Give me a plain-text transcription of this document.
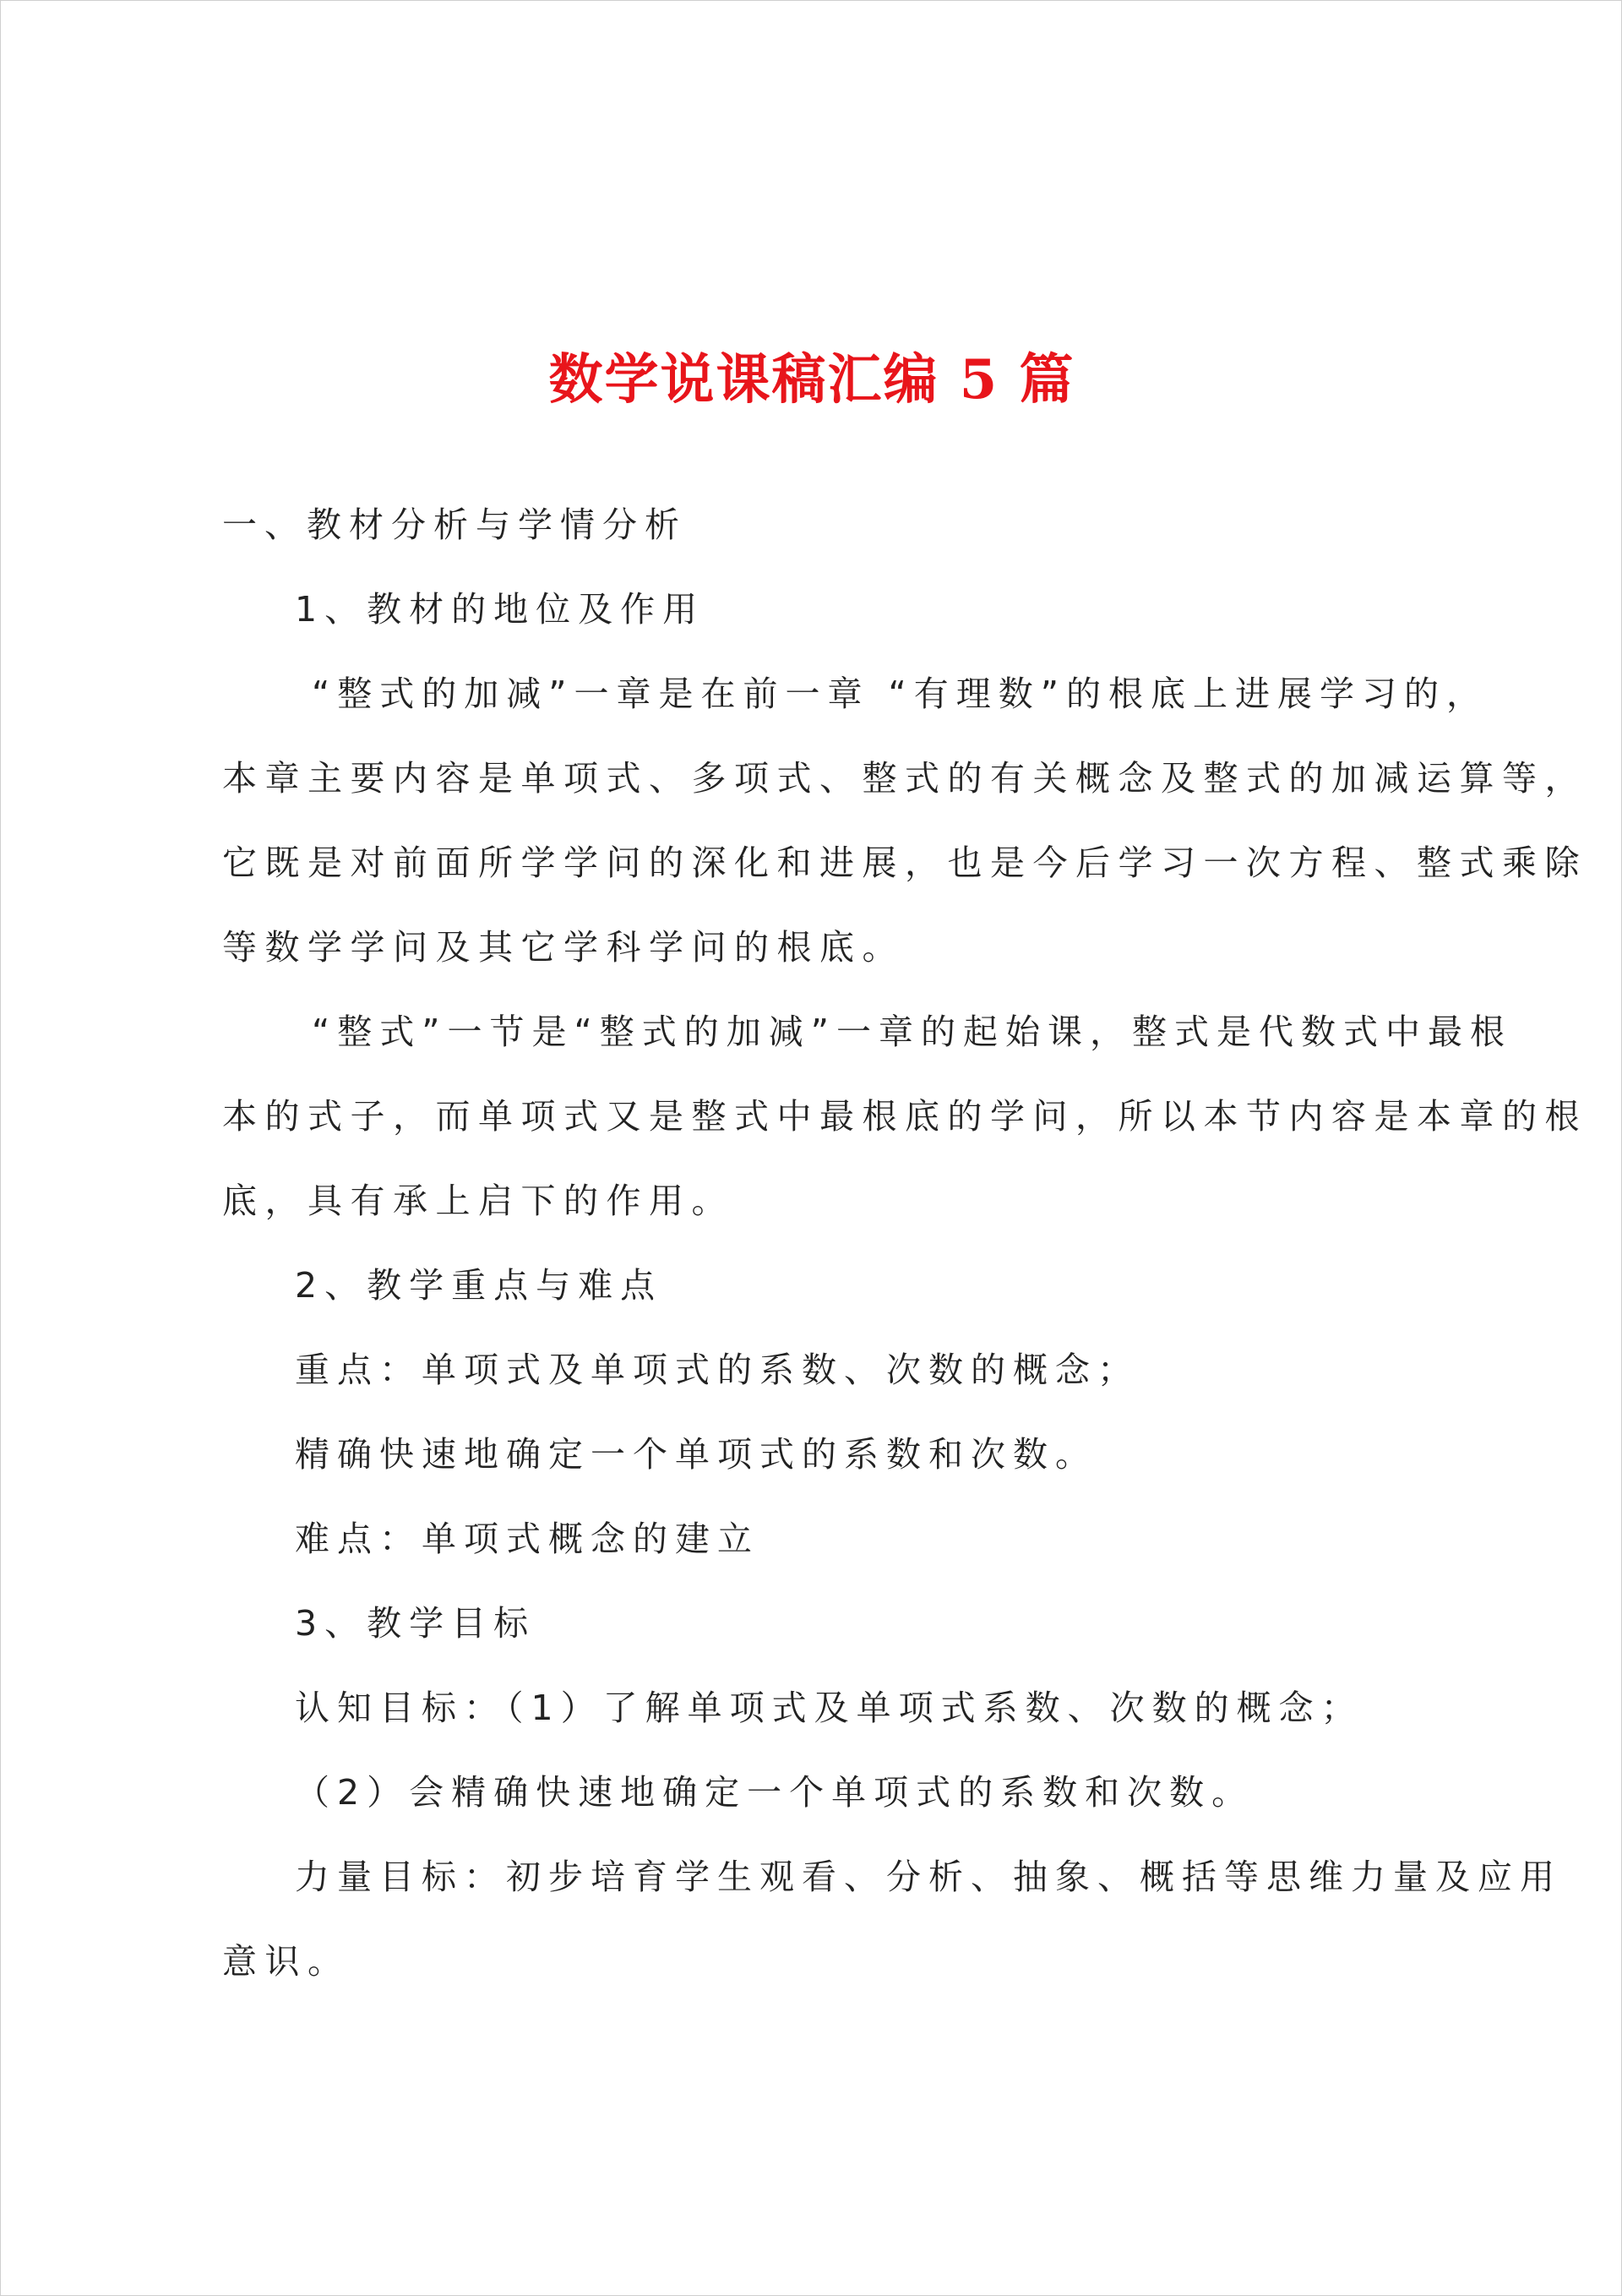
数学说课稿汇编 5 篇

一、教材分析与学情分析

1、教材的地位及作用

“整式的加减”一章是在前一章 “有理数”的根底上进展学习的，

本章主要内容是单项式、多项式、整式的有关概念及整式的加减运算等，

它既是对前面所学学问的深化和进展，也是今后学习一次方程、整式乘除

等数学学问及其它学科学问的根底。

“整式”一节是“整式的加减”一章的起始课，整式是代数式中最根

本的式子，而单项式又是整式中最根底的学问，所以本节内容是本章的根

底，具有承上启下的作用。

2、教学重点与难点

重点：单项式及单项式的系数、次数的概念；

精确快速地确定一个单项式的系数和次数。

难点：单项式概念的建立

3、教学目标

认知目标：（1）了解单项式及单项式系数、次数的概念；

（2）会精确快速地确定一个单项式的系数和次数。

力量目标：初步培育学生观看、分析、抽象、概括等思维力量及应用

意识。
